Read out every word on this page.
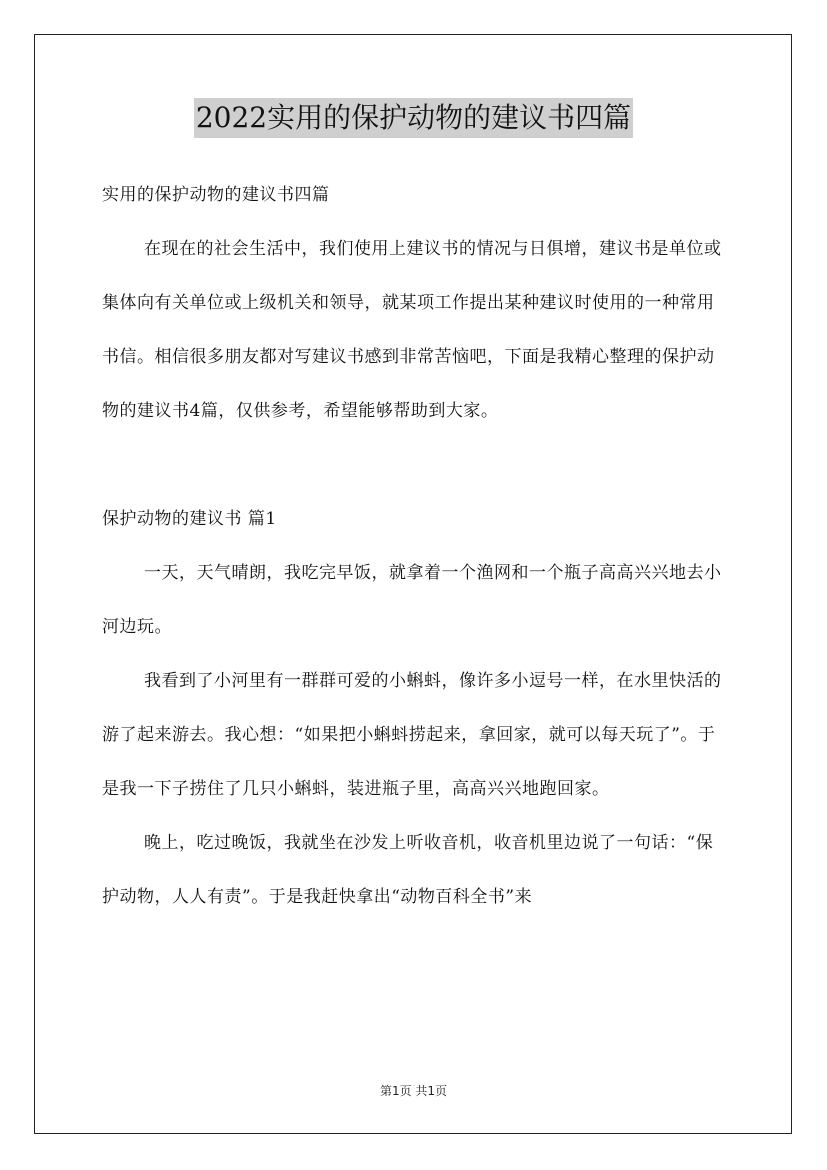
2022实用的保护动物的建议书四篇

实用的保护动物的建议书四篇

在现在的社会生活中，我们使用上建议书的情况与日俱增，建议书是单位或集体向有关单位或上级机关和领导，就某项工作提出某种建议时使用的一种常用书信。相信很多朋友都对写建议书感到非常苦恼吧，下面是我精心整理的保护动物的建议书4篇，仅供参考，希望能够帮助到大家。

保护动物的建议书 篇1

一天，天气晴朗，我吃完早饭，就拿着一个渔网和一个瓶子高高兴兴地去小河边玩。

我看到了小河里有一群群可爱的小蝌蚪，像许多小逗号一样，在水里快活的游了起来游去。我心想：“如果把小蝌蚪捞起来，拿回家，就可以每天玩了”。于是我一下子捞住了几只小蝌蚪，装进瓶子里，高高兴兴地跑回家。

晚上，吃过晚饭，我就坐在沙发上听收音机，收音机里边说了一句话：“保护动物，人人有责”。于是我赶快拿出“动物百科全书”来

第1页 共1页
